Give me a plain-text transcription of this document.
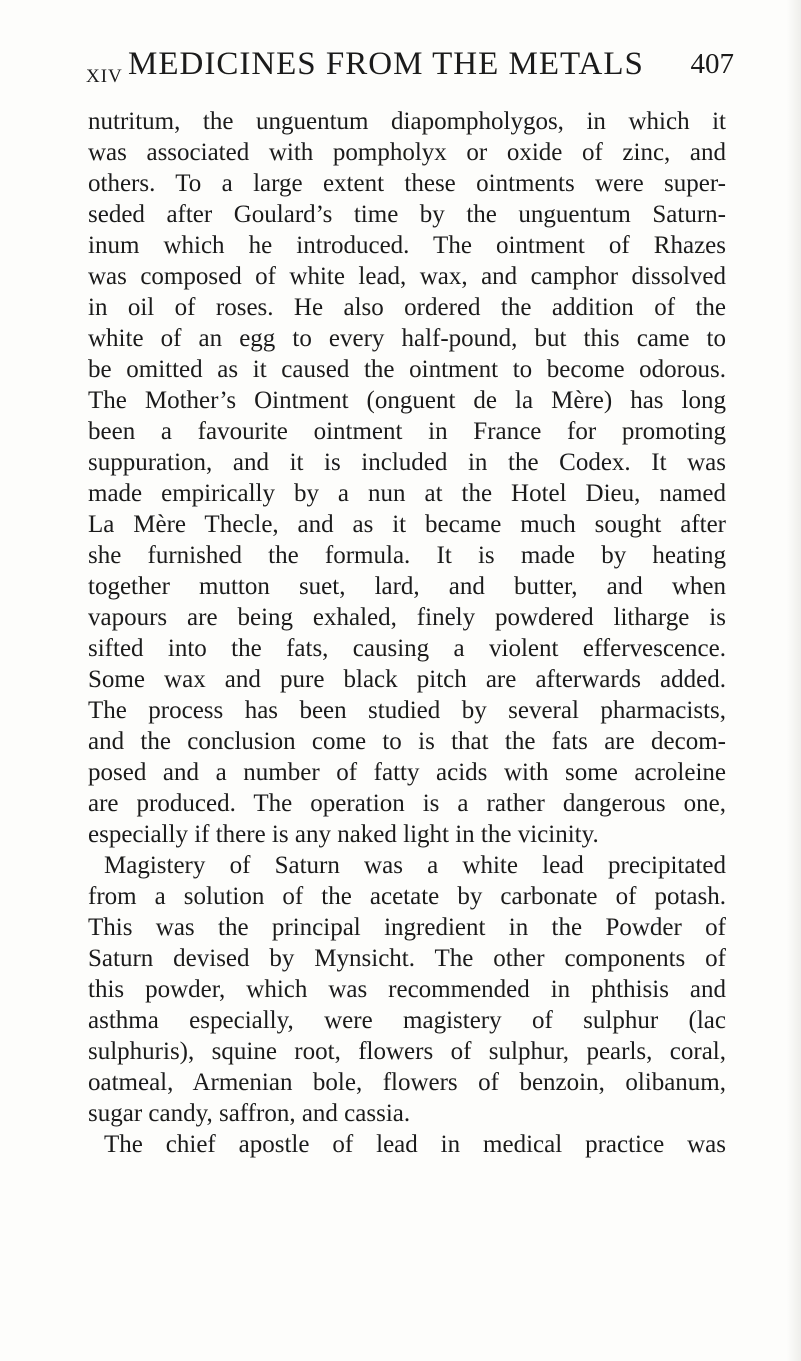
XIV MEDICINES FROM THE METALS 407
nutritum, the unguentum diapompholygos, in which it
was associated with pompholyx or oxide of zinc, and
others. To a large extent these ointments were super-
seded after Goulard’s time by the unguentum Saturn-
inum which he introduced. The ointment of Rhazes
was composed of white lead, wax, and camphor dissolved
in oil of roses. He also ordered the addition of the
white of an egg to every half-pound, but this came to
be omitted as it caused the ointment to become odorous.
The Mother’s Ointment (onguent de la Mère) has long
been a favourite ointment in France for promoting
suppuration, and it is included in the Codex. It was
made empirically by a nun at the Hotel Dieu, named
La Mère Thecle, and as it became much sought after
she furnished the formula. It is made by heating
together mutton suet, lard, and butter, and when
vapours are being exhaled, finely powdered litharge is
sifted into the fats, causing a violent effervescence.
Some wax and pure black pitch are afterwards added.
The process has been studied by several pharmacists,
and the conclusion come to is that the fats are decom-
posed and a number of fatty acids with some acroleine
are produced. The operation is a rather dangerous one,
especially if there is any naked light in the vicinity.
Magistery of Saturn was a white lead precipitated
from a solution of the acetate by carbonate of potash.
This was the principal ingredient in the Powder of
Saturn devised by Mynsicht. The other components of
this powder, which was recommended in phthisis and
asthma especially, were magistery of sulphur (lac
sulphuris), squine root, flowers of sulphur, pearls, coral,
oatmeal, Armenian bole, flowers of benzoin, olibanum,
sugar candy, saffron, and cassia.
The chief apostle of lead in medical practice was
